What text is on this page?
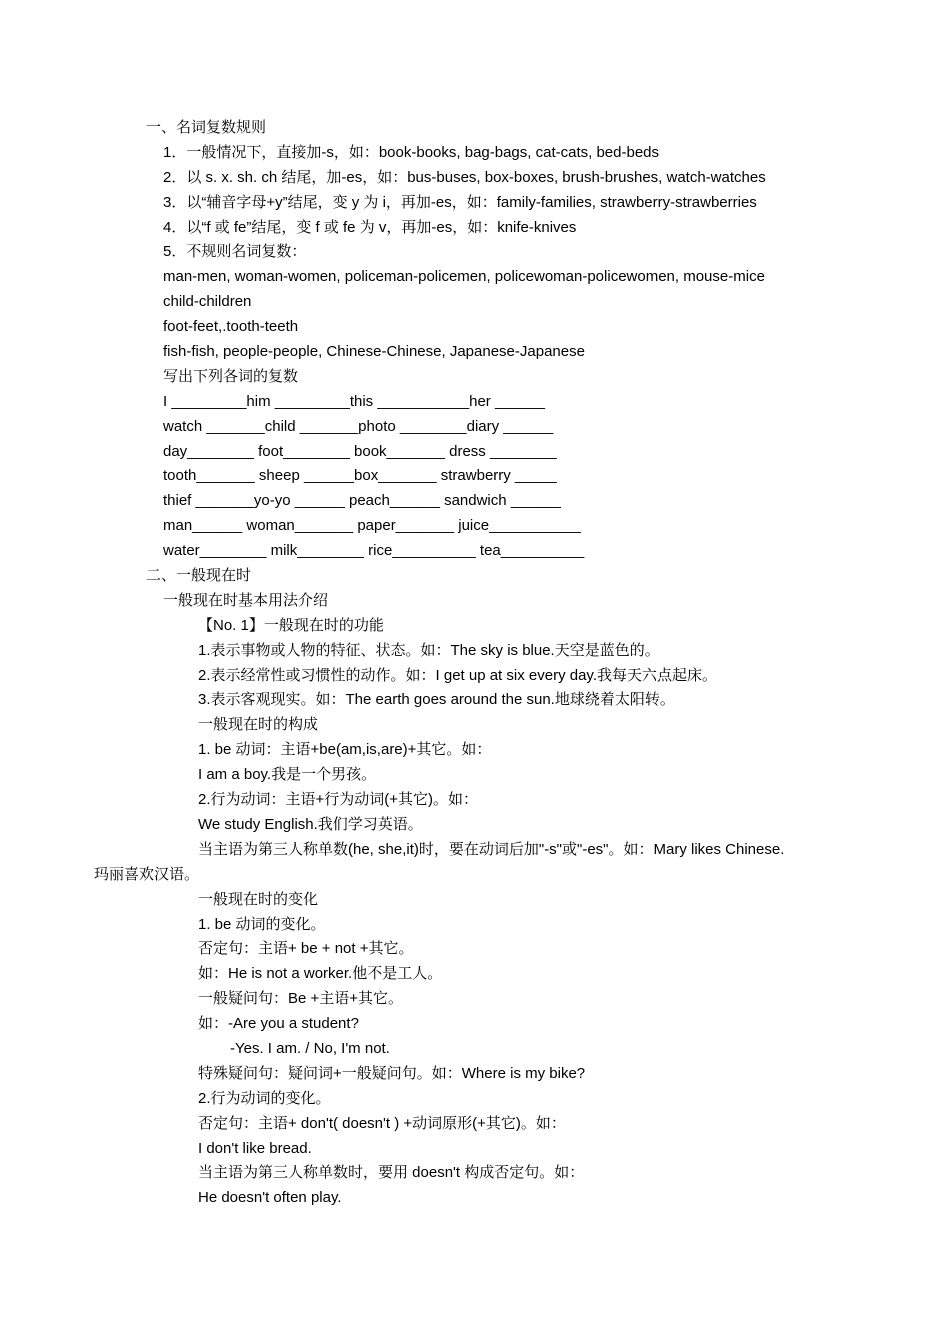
一、名词复数规则
1．一般情况下，直接加-s，如：book-books, bag-bags, cat-cats, bed-beds
2．以 s. x. sh. ch 结尾，加-es，如：bus-buses, box-boxes, brush-brushes, watch-watches
3．以“辅音字母+y”结尾，变 y 为 i，再加-es，如：family-families, strawberry-strawberries
4．以“f 或 fe”结尾，变 f 或 fe 为 v，再加-es，如：knife-knives
5．不规则名词复数：
man-men, woman-women, policeman-policemen, policewoman-policewomen, mouse-mice
child-children
foot-feet,.tooth-teeth
fish-fish, people-people, Chinese-Chinese, Japanese-Japanese
写出下列各词的复数
I _________him _________this ___________her ______
watch _______child _______photo ________diary ______
day________ foot________ book_______ dress ________
tooth_______ sheep ______box_______ strawberry _____
thief _______yo-yo ______ peach______ sandwich ______
man______ woman_______ paper_______ juice___________
water________ milk________ rice__________ tea__________
二、一般现在时
一般现在时基本用法介绍
【No. 1】一般现在时的功能
1.表示事物或人物的特征、状态。如：The sky is blue.天空是蓝色的。
2.表示经常性或习惯性的动作。如：I get up at six every day.我每天六点起床。
3.表示客观现实。如：The earth goes around the sun.地球绕着太阳转。
一般现在时的构成
1. be 动词：主语+be(am,is,are)+其它。如：
I am a boy.我是一个男孩。
2.行为动词：主语+行为动词(+其它)。如：
We study English.我们学习英语。
当主语为第三人称单数(he, she,it)时，要在动词后加"-s"或"-es"。如：Mary likes Chinese.
玛丽喜欢汉语。
一般现在时的变化
1. be 动词的变化。
否定句：主语+ be + not +其它。
如：He is not a worker.他不是工人。
一般疑问句：Be +主语+其它。
如：-Are you a student?
-Yes. I am. / No, I'm not.
特殊疑问句：疑问词+一般疑问句。如：Where is my bike?
2.行为动词的变化。
否定句：主语+ don't( doesn't ) +动词原形(+其它)。如：
I don't like bread.
当主语为第三人称单数时，要用 doesn't 构成否定句。如：
He doesn't often play.
